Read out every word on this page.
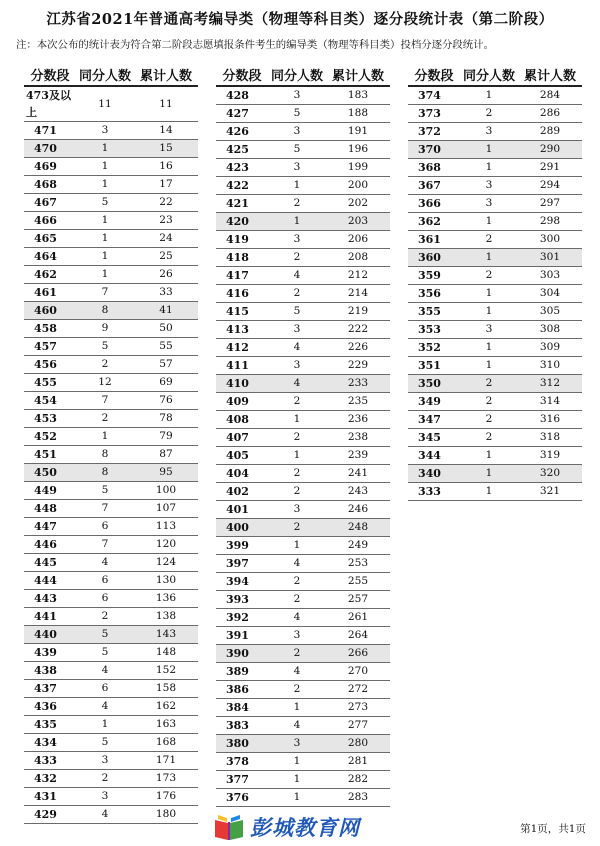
江苏省2021年普通高考编导类（物理等科目类）逐分段统计表（第二阶段）
注：本次公布的统计表为符合第二阶段志愿填报条件考生的编导类（物理等科目类）投档分逐分段统计。
分数段	同分人数	累计人数
473及以上	11	11
471	3	14
470	1	15
469	1	16
468	1	17
467	5	22
466	1	23
465	1	24
464	1	25
462	1	26
461	7	33
460	8	41
458	9	50
457	5	55
456	2	57
455	12	69
454	7	76
453	2	78
452	1	79
451	8	87
450	8	95
449	5	100
448	7	107
447	6	113
446	7	120
445	4	124
444	6	130
443	6	136
441	2	138
440	5	143
439	5	148
438	4	152
437	6	158
436	4	162
435	1	163
434	5	168
433	3	171
432	2	173
431	3	176
429	4	180
分数段	同分人数	累计人数
428	3	183
427	5	188
426	3	191
425	5	196
423	3	199
422	1	200
421	2	202
420	1	203
419	3	206
418	2	208
417	4	212
416	2	214
415	5	219
413	3	222
412	4	226
411	3	229
410	4	233
409	2	235
408	1	236
407	2	238
405	1	239
404	2	241
402	2	243
401	3	246
400	2	248
399	1	249
397	4	253
394	2	255
393	2	257
392	4	261
391	3	264
390	2	266
389	4	270
386	2	272
384	1	273
383	4	277
380	3	280
378	1	281
377	1	282
376	1	283
分数段	同分人数	累计人数
374	1	284
373	2	286
372	3	289
370	1	290
368	1	291
367	3	294
366	3	297
362	1	298
361	2	300
360	1	301
359	2	303
356	1	304
355	1	305
353	3	308
352	1	309
351	1	310
350	2	312
349	2	314
347	2	316
345	2	318
344	1	319
340	1	320
333	1	321
彭城教育网	第1页，共1页
